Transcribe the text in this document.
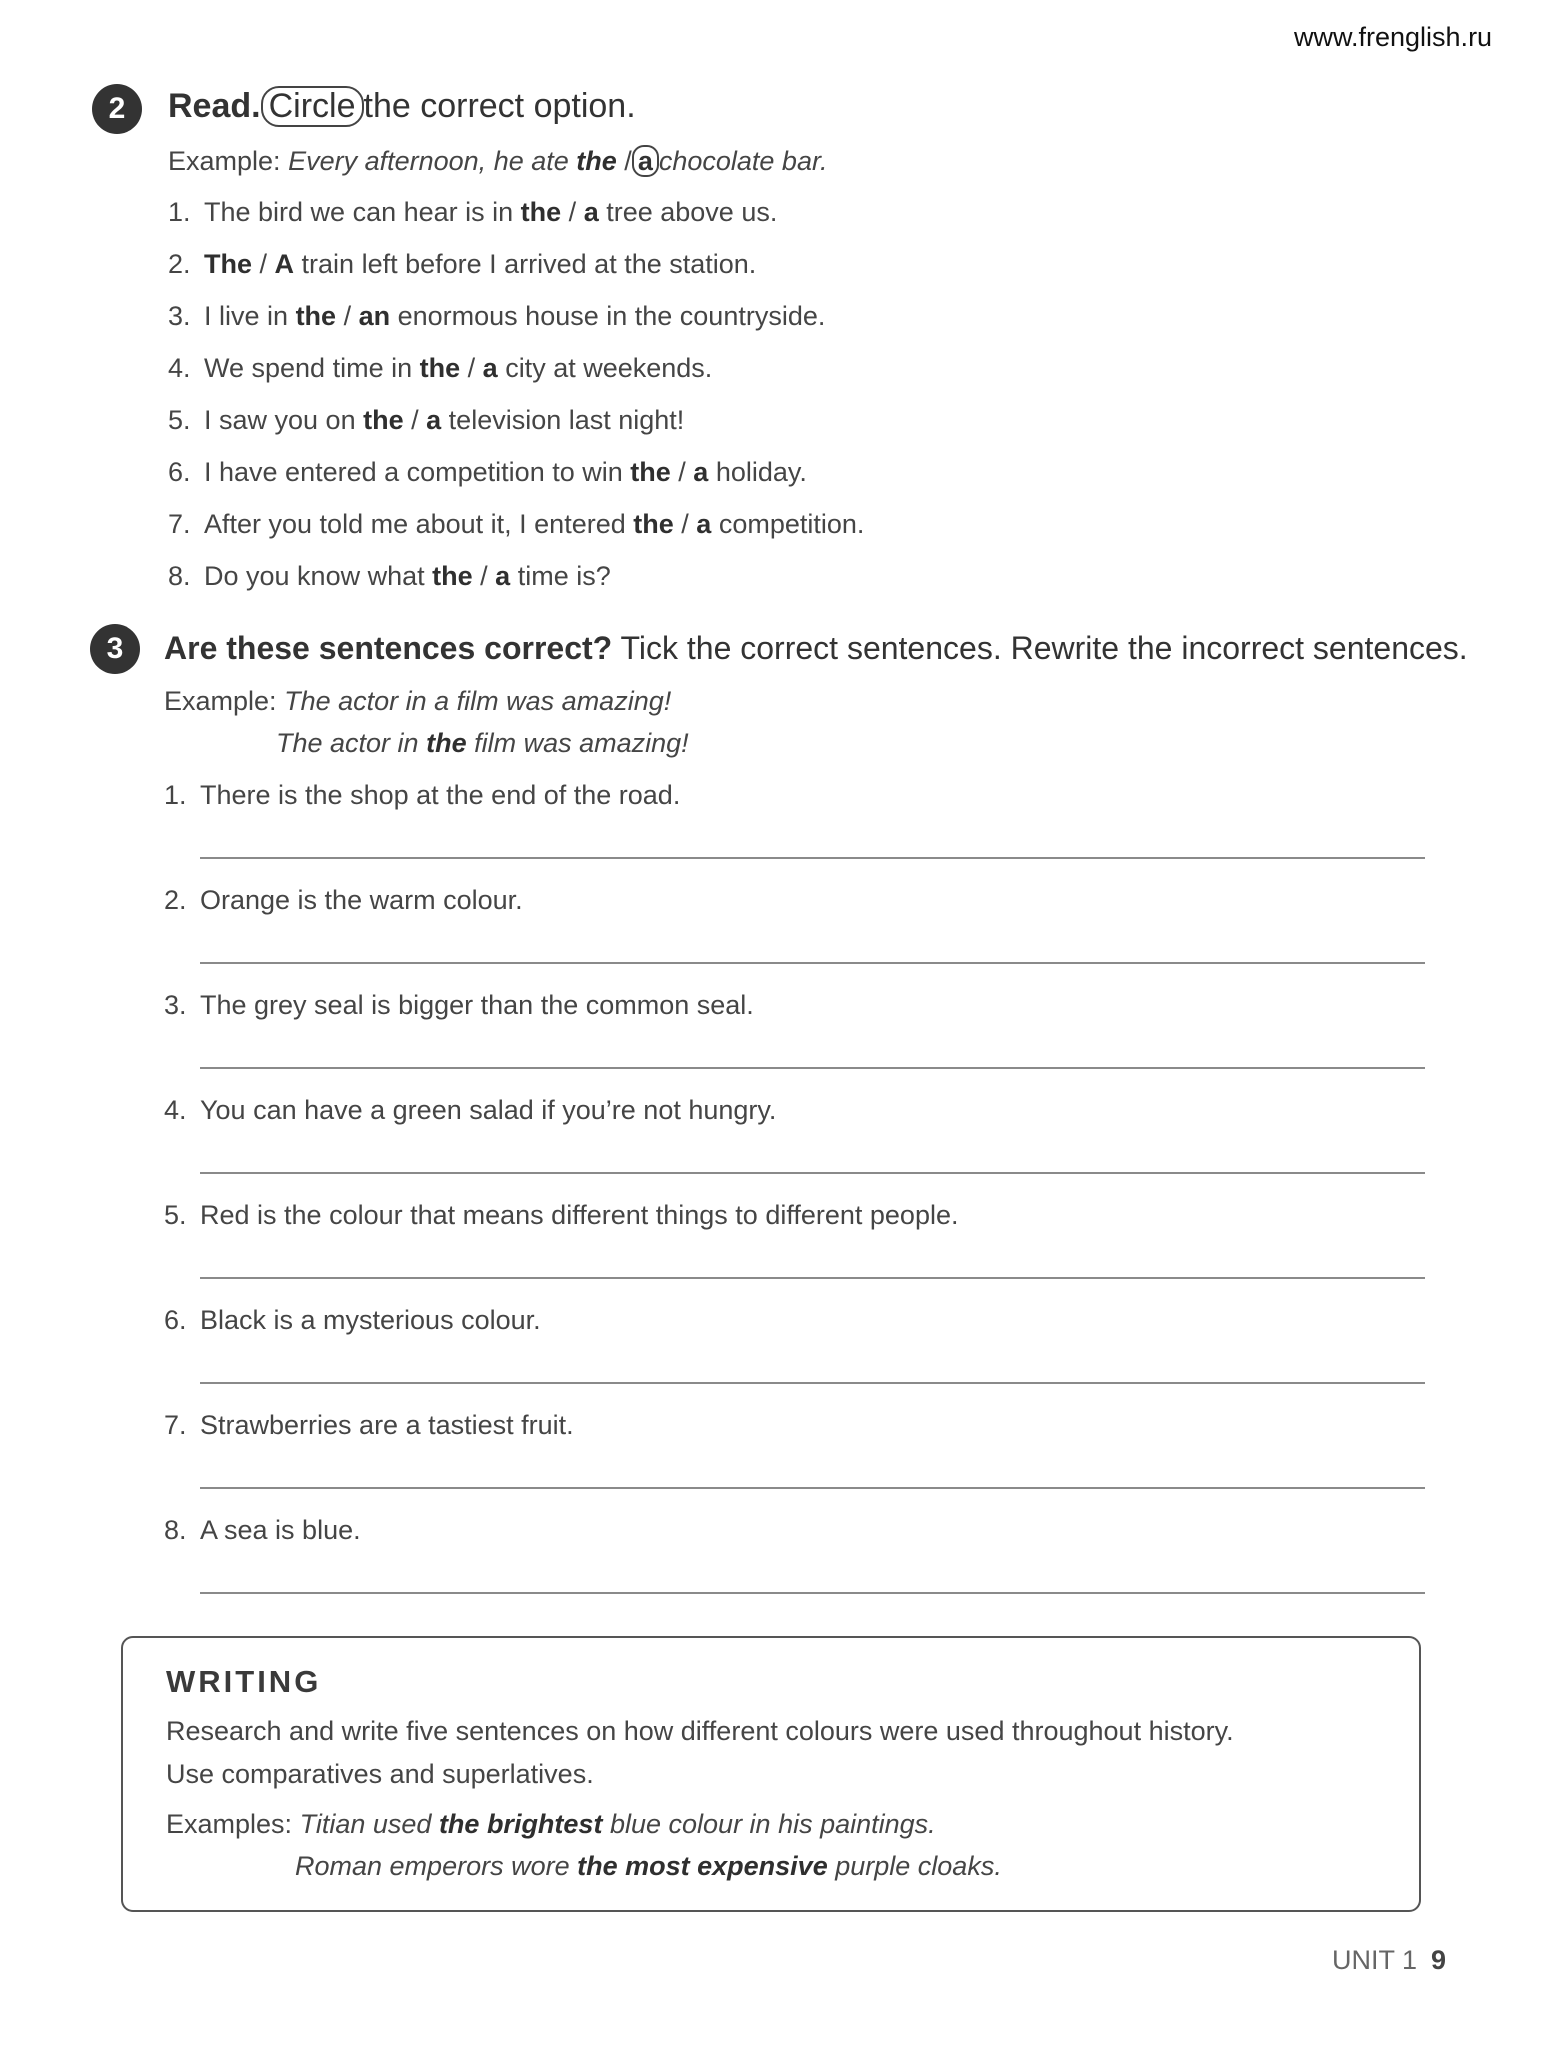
www.frenglish.ru
2	Read. Circle the correct option.
Example: Every afternoon, he ate the / a chocolate bar.
1. The bird we can hear is in the / a tree above us.
2. The / A train left before I arrived at the station.
3. I live in the / an enormous house in the countryside.
4. We spend time in the / a city at weekends.
5. I saw you on the / a television last night!
6. I have entered a competition to win the / a holiday.
7. After you told me about it, I entered the / a competition.
8. Do you know what the / a time is?
3	Are these sentences correct? Tick the correct sentences. Rewrite the incorrect sentences.
Example: The actor in a film was amazing!
The actor in the film was amazing!
1. There is the shop at the end of the road.
2. Orange is the warm colour.
3. The grey seal is bigger than the common seal.
4. You can have a green salad if you’re not hungry.
5. Red is the colour that means different things to different people.
6. Black is a mysterious colour.
7. Strawberries are a tastiest fruit.
8. A sea is blue.
WRITING
Research and write five sentences on how different colours were used throughout history.
Use comparatives and superlatives.
Examples: Titian used the brightest blue colour in his paintings.
Roman emperors wore the most expensive purple cloaks.
UNIT 1 9
